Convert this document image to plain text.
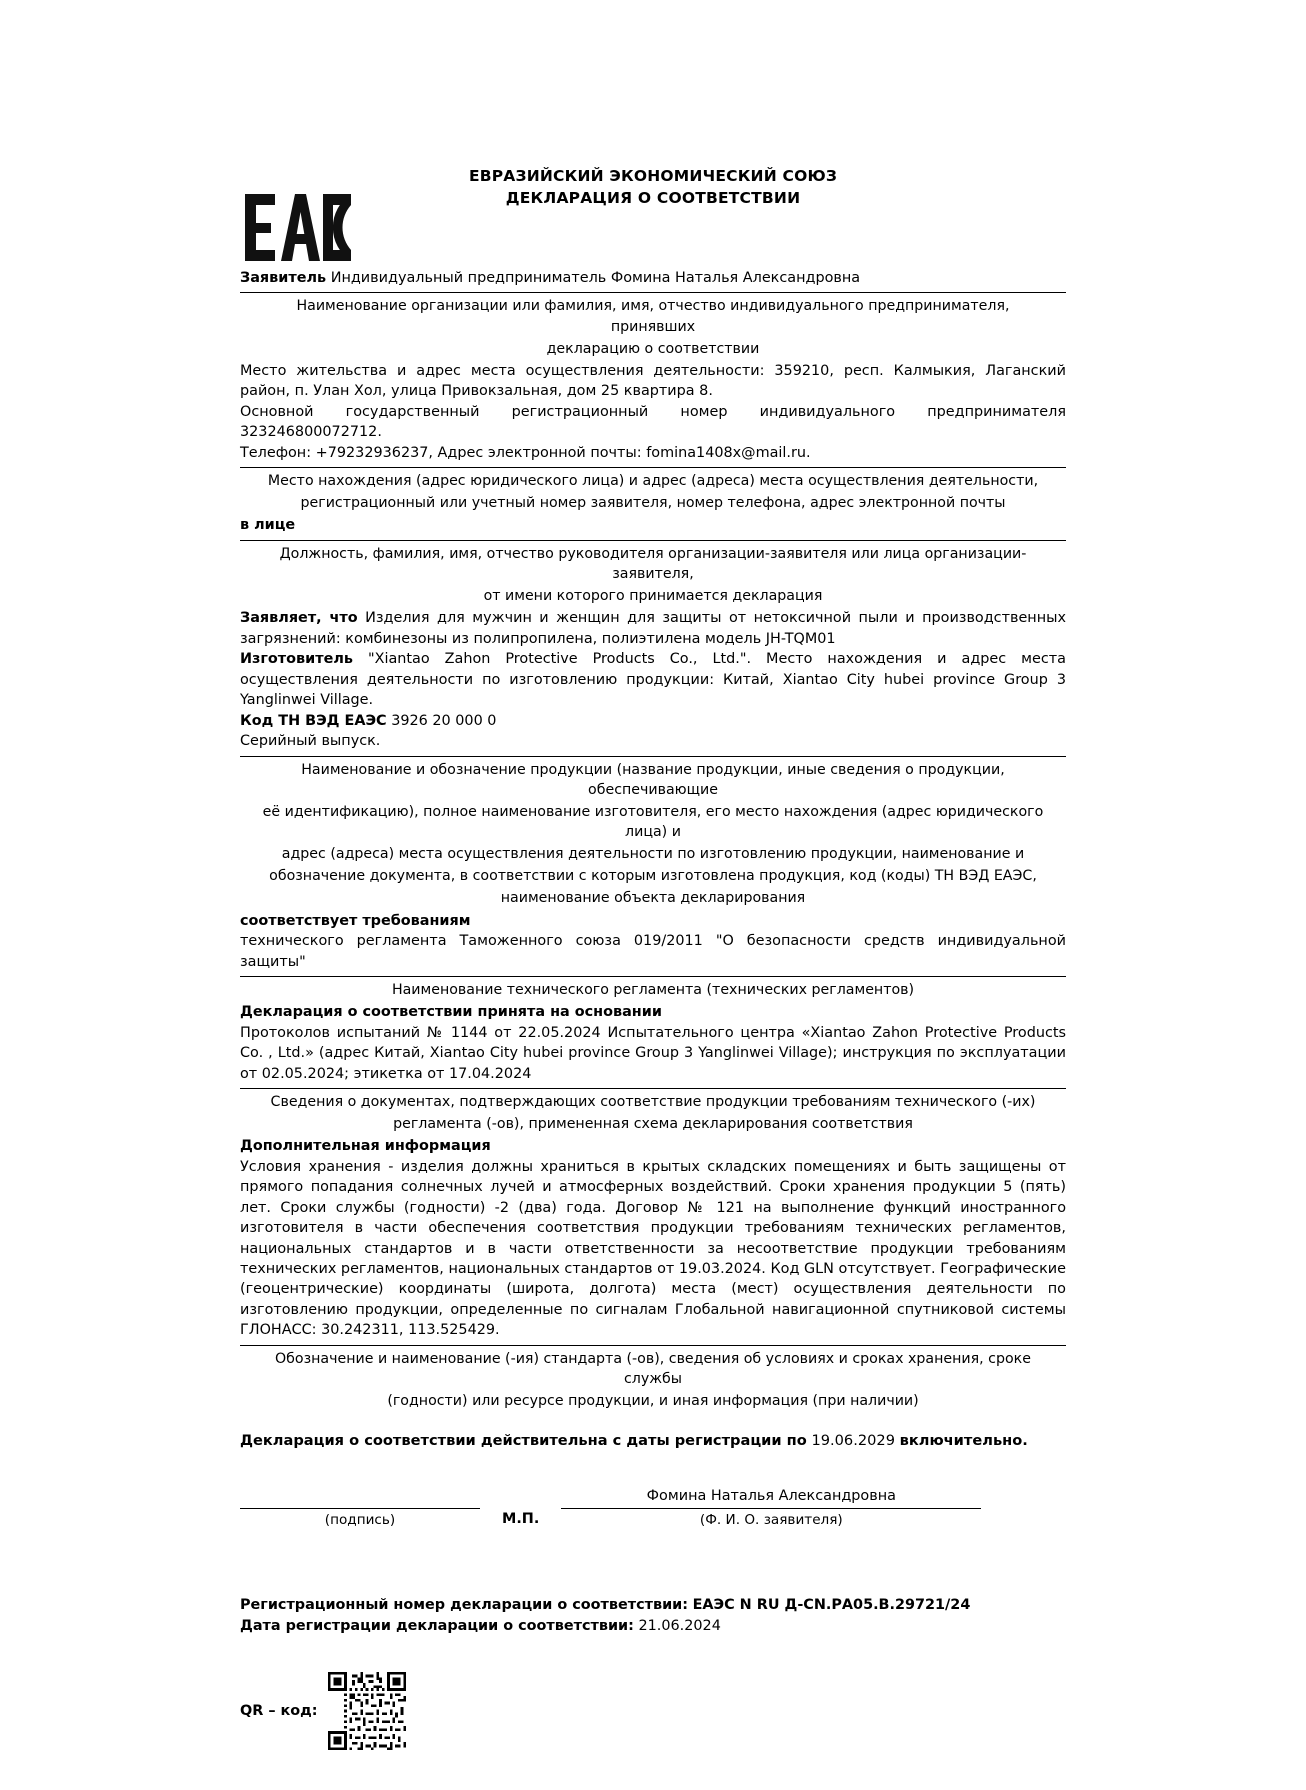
ЕВРАЗИЙСКИЙ ЭКОНОМИЧЕСКИЙ СОЮЗ
ДЕКЛАРАЦИЯ О СООТВЕТСТВИИ

Заявитель Индивидуальный предприниматель Фомина Наталья Александровна

Наименование организации или фамилия, имя, отчество индивидуального предпринимателя, принявших
декларацию о соответствии

Место жительства и адрес места осуществления деятельности: 359210, респ. Калмыкия, Лаганский район, п. Улан Хол, улица Привокзальная, дом 25 квартира 8.

Основной государственный регистрационный номер индивидуального предпринимателя 323246800072712.

Телефон: +79232936237, Адрес электронной почты: fomina1408x@mail.ru.

Место нахождения (адрес юридического лица) и адрес (адреса) места осуществления деятельности,
регистрационный или учетный номер заявителя, номер телефона, адрес электронной почты

в лице

Должность, фамилия, имя, отчество руководителя организации-заявителя или лица организации-заявителя,
от имени которого принимается декларация

Заявляет, что Изделия для мужчин и женщин для защиты от нетоксичной пыли и производственных загрязнений: комбинезоны из полипропилена, полиэтилена модель JH-TQM01

Изготовитель "Xiantao Zahon Protective Products Co., Ltd.". Место нахождения и адрес места осуществления деятельности по изготовлению продукции: Китай, Xiantao City hubei province Group 3 Yanglinwei Village.

Код ТН ВЭД ЕАЭС 3926 20 000 0

Серийный выпуск.

Наименование и обозначение продукции (название продукции, иные сведения о продукции, обеспечивающие
её идентификацию), полное наименование изготовителя, его место нахождения (адрес юридического лица) и
адрес (адреса) места осуществления деятельности по изготовлению продукции, наименование и
обозначение документа, в соответствии с которым изготовлена продукция, код (коды) ТН ВЭД ЕАЭС,
наименование объекта декларирования

соответствует требованиям

технического регламента Таможенного союза 019/2011 "О безопасности средств индивидуальной защиты"

Наименование технического регламента (технических регламентов)

Декларация о соответствии принята на основании

Протоколов испытаний № 1144 от 22.05.2024 Испытательного центра «Xiantao Zahon Protective Products Co. , Ltd.» (адрес Китай, Xiantao City hubei province Group 3 Yanglinwei Village); инструкция по эксплуатации от 02.05.2024; этикетка от 17.04.2024

Сведения о документах, подтверждающих соответствие продукции требованиям технического (-их)
регламента (-ов), примененная схема декларирования соответствия

Дополнительная информация

Условия хранения - изделия должны храниться в крытых складских помещениях и быть защищены от прямого попадания солнечных лучей и атмосферных воздействий. Сроки хранения продукции 5 (пять) лет. Сроки службы (годности) -2 (два) года. Договор № 121 на выполнение функций иностранного изготовителя в части обеспечения соответствия продукции требованиям технических регламентов, национальных стандартов и в части ответственности за несоответствие продукции требованиям технических регламентов, национальных стандартов от 19.03.2024. Код GLN отсутствует. Географические (геоцентрические) координаты (широта, долгота) места (мест) осуществления деятельности по изготовлению продукции, определенные по сигналам Глобальной навигационной спутниковой системы ГЛОНАСС: 30.242311, 113.525429.

Обозначение и наименование (-ия) стандарта (-ов), сведения об условиях и сроках хранения, сроке службы
(годности) или ресурсе продукции, и иная информация (при наличии)

Декларация о соответствии действительна с даты регистрации по 19.06.2029 включительно.

(подпись)	М.П.
Фомина Наталья Александровна
(Ф. И. О. заявителя)
Регистрационный номер декларации о соответствии: ЕАЭС N RU Д-CN.РА05.В.29721/24
Дата регистрации декларации о соответствии: 21.06.2024
QR – код:
